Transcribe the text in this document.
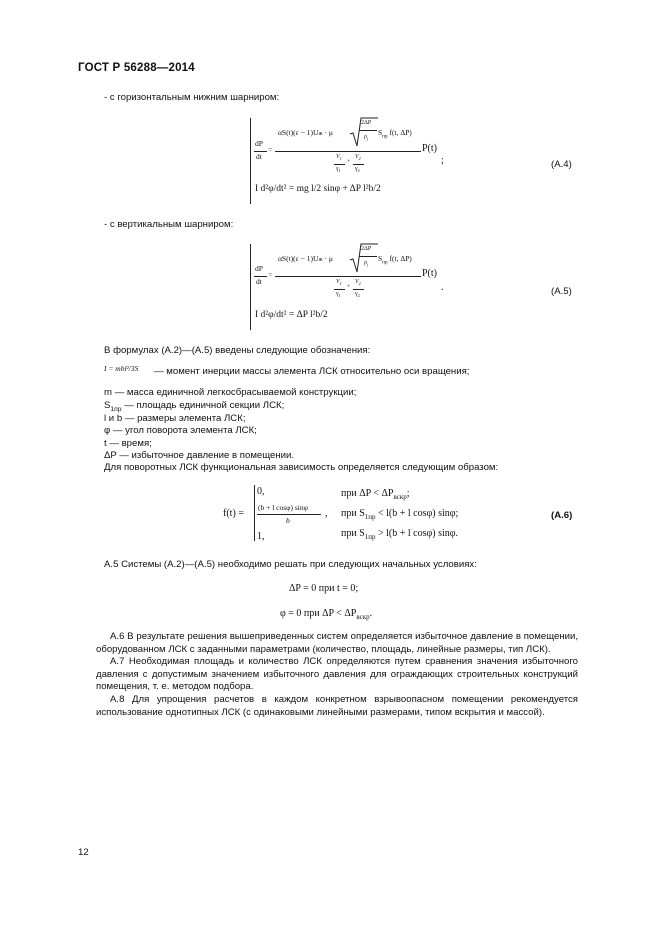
ГОСТ Р 56288—2014
- с горизонтальным нижним шарниром:
dP
dt
=
αS(t)(ε − 1)Uж · μ
2ΔP
$\rho_j$
$S_{пр}$ f(t, ΔP)
$V_1$
$\gamma_1$
+
$V_2$
$\gamma_2$
P(t)
;
I d²φ/dt² = mg l/2 sinφ + ΔP l²b/2
(А.4)
- с вертикальным шарниром:
dP
dt
=
αS(t)(ε − 1)Uж · μ
2ΔP
$\rho_j$
$S_{пр}$ f(t, ΔP)
$V_1$
$\gamma_1$
+
$V_2$
$\gamma_2$
P(t)
.
I d²φ/dt² = ΔP l²b/2
(А.5)
В формулах (А.2)—(А.5) введены следующие обозначения:
I = mbl²/3S — момент инерции массы элемента ЛСК относительно оси вращения;
m — масса единичной легкосбрасываемой конструкции;
$S_{1пр}$ — площадь единичной секции ЛСК;
l и b — размеры элемента ЛСК;
φ — угол поворота элемента ЛСК;
t — время;
ΔP — избыточное давление в помещении.
Для поворотных ЛСК функциональная зависимость определяется следующим образом:
f(t) =
0,	при $\Delta P < \Delta P_{вскр}$;
(b + l cosφ) sinφ
b
, при $S_{1пр} < l(b + l$ cosφ) sinφ;
1,	при $S_{1пр} > l(b + l$ cosφ) sinφ.
(А.6)
А.5 Системы (А.2)—(А.5) необходимо решать при следующих начальных условиях:
ΔP = 0 при t = 0;
φ = 0 при $\Delta P < \Delta P_{вскр}$.
А.6 В результате решения вышеприведенных систем определяется избыточное давление в помещении, оборудованном ЛСК с заданными параметрами (количество, площадь, линейные размеры, тип ЛСК).
А.7 Необходимая площадь и количество ЛСК определяются путем сравнения значения избыточного давления с допустимым значением избыточного давления для ограждающих строительных конструкций помещения, т. е. методом подбора.
А.8 Для упрощения расчетов в каждом конкретном взрывоопасном помещении рекомендуется использование однотипных ЛСК (с одинаковыми линейными размерами, типом вскрытия и массой).
12
